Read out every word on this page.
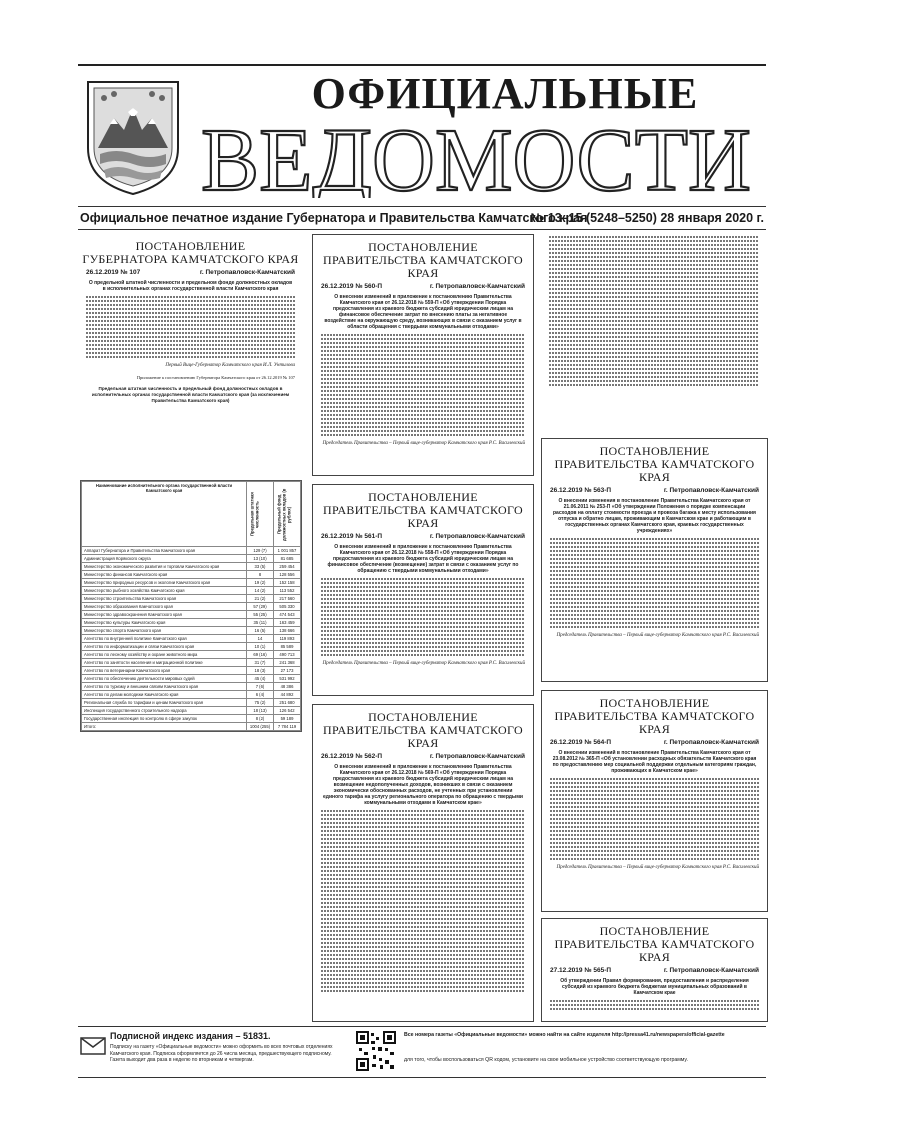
ОФИЦИАЛЬНЫЕ
ВЕДОМОСТИ
Официальное печатное издание Губернатора и Правительства Камчатского края
№ 13–15 (5248–5250) 28 января 2020 г.
ПОСТАНОВЛЕНИЕ
ГУБЕРНАТОРА КАМЧАТСКОГО КРАЯ
26.12.2019 № 107	г. Петропавловск-Камчатский
О предельной штатной численности и предельном фонде должностных окладов в исполнительных органах государственной власти Камчатского края
Первый Вице-Губернатор Камчатского края И.Л. Унтилова
Приложение к постановлению Губернатора Камчатского края от 26.12.2019 № 107
Предельная штатная численность и предельный фонд должностных окладов в исполнительных органах государственной власти Камчатского края (за исключением Правительства Камчатского края)
Наименование исполнительного органа государственной власти Камчатского края	Предельная штатная численность	Предельный фонд должностных окладов (в рублях)
Аппарат Губернатора и Правительства Камчатского края	129 (7)	1 001 857
Администрация Корякского округа	13 (10)	81 685
Министерство экономического развития и торговли Камчатского края	33 (5)	259 454
Министерство финансов Камчатского края	8	128 556
Министерство природных ресурсов и экологии Камчатского края	19 (2)	152 158
Министерство рыбного хозяйства Камчатского края	14 (2)	113 552
Министерство строительства Камчатского края	21 (2)	217 560
Министерство образования Камчатского края	57 (29)	505 330
Министерство здравоохранения Камчатского края	55 (25)	474 543
Министерство культуры Камчатского края	35 (11)	163 459
Министерство спорта Камчатского края	16 (5)	138 666
Агентство по внутренней политике Камчатского края	14	119 893
Агентство по информатизации и связи Камчатского края	10 (1)	85 589
Агентство по лесному хозяйству и охране животного мира	69 (16)	490 713
Агентство по занятости населения и миграционной политике	31 (7)	241 368
Агентство по ветеринарии Камчатского края	18 (3)	27 173
Агентство по обеспечению деятельности мировых судей	45 (4)	531 992
Агентство по туризму и внешним связям Камчатского края	7 (6)	48 386
Агентство по делам молодежи Камчатского края	6 (4)	44 892
Региональная служба по тарифам и ценам Камчатского края	75 (2)	251 680
Инспекция государственного строительного надзора	18 (13)	126 542
Государственная инспекция по контролю в сфере закупок	8 (2)	59 189
Итого:	1004 (255)	7 784 119
ПОСТАНОВЛЕНИЕ
ПРАВИТЕЛЬСТВА КАМЧАТСКОГО КРАЯ
26.12.2019 № 560-П	г. Петропавловск-Камчатский
О внесении изменений в приложение к постановлению Правительства Камчатского края от 26.12.2018 № 559-П «Об утверждении Порядка предоставления из краевого бюджета субсидий юридическим лицам на финансовое обеспечение затрат по внесению платы за негативное воздействие на окружающую среду, возникающих в связи с оказанием услуг в области обращения с твердыми коммунальными отходами»
Председатель Правительства – Первый вице-губернатор Камчатского края Р.С. Василевский
ПОСТАНОВЛЕНИЕ
ПРАВИТЕЛЬСТВА КАМЧАТСКОГО КРАЯ
26.12.2019 № 561-П	г. Петропавловск-Камчатский
О внесении изменений в приложение к постановлению Правительства Камчатского края от 26.12.2018 № 558-П «Об утверждении Порядка предоставления из краевого бюджета субсидий юридическим лицам на финансовое обеспечение (возмещение) затрат в связи с оказанием услуг по обращению с твердыми коммунальными отходами»
Председатель Правительства – Первый вице-губернатор Камчатского края Р.С. Василевский
ПОСТАНОВЛЕНИЕ
ПРАВИТЕЛЬСТВА КАМЧАТСКОГО КРАЯ
26.12.2019 № 562-П	г. Петропавловск-Камчатский
О внесении изменений в приложение к постановлению Правительства Камчатского края от 26.12.2018 № 569-П «Об утверждении Порядка предоставления из краевого бюджета субсидий юридическим лицам на возмещение недополученных доходов, возникших в связи с оказанием экономически обоснованных расходов, не учтенных при установлении единого тарифа на услугу регионального оператора по обращению с твердыми коммунальными отходами в Камчатском крае»
ПОСТАНОВЛЕНИЕ
ПРАВИТЕЛЬСТВА КАМЧАТСКОГО КРАЯ
26.12.2019 № 563-П	г. Петропавловск-Камчатский
О внесении изменения в постановление Правительства Камчатского края от 21.06.2011 № 253-П «Об утверждении Положения о порядке компенсации расходов на оплату стоимости проезда и провоза багажа к месту использования отпуска и обратно лицам, проживающим в Камчатском крае и работающим в государственных органах Камчатского края, краевых государственных учреждениях»
Председатель Правительства – Первый вице-губернатор Камчатского края Р.С. Василевский
ПОСТАНОВЛЕНИЕ
ПРАВИТЕЛЬСТВА КАМЧАТСКОГО КРАЯ
26.12.2019 № 564-П	г. Петропавловск-Камчатский
О внесении изменений в постановление Правительства Камчатского края от 23.08.2012 № 365-П «Об установлении расходных обязательств Камчатского края по предоставлению мер социальной поддержки отдельным категориям граждан, проживающих в Камчатском крае»
Председатель Правительства – Первый вице-губернатор Камчатского края Р.С. Василевский
ПОСТАНОВЛЕНИЕ
ПРАВИТЕЛЬСТВА КАМЧАТСКОГО КРАЯ
27.12.2019 № 565-П	г. Петропавловск-Камчатский
Об утверждении Правил формирования, предоставления и распределения субсидий из краевого бюджета бюджетам муниципальных образований в Камчатском крае
Подписной индекс издания – 51831.
Подписку на газету «Официальные ведомости» можно оформить во всех почтовых отделениях Камчатского края. Подписка оформляется до 26 числа месяца, предшествующего подписному. Газета выходит два раза в неделю по вторникам и четвергам.
Все номера газеты «Официальные ведомости» можно найти на сайте издателя http://pressa41.ru/newspapers/official-gazette
для того, чтобы воспользоваться QR кодом, установите на свое мобильное устройство соответствующую программу.
